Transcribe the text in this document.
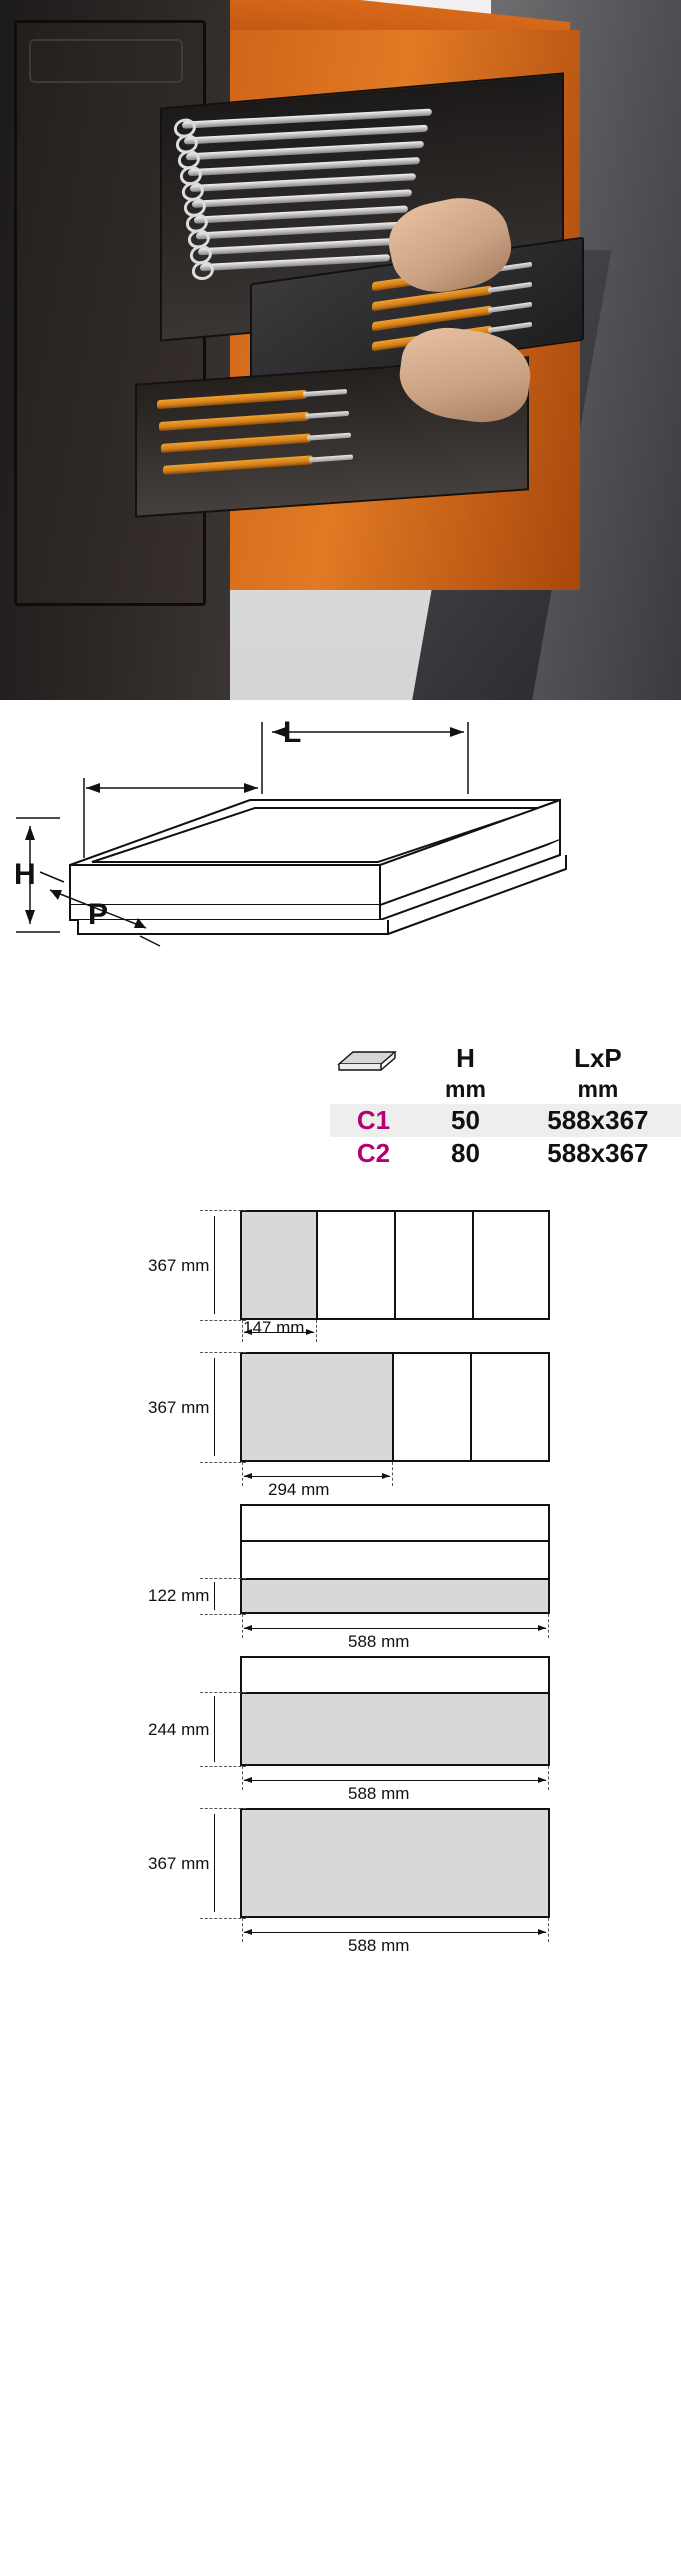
L
H
P
	H	LxP
	mm	mm
C1	50	588x367
C2	80	588x367
367 mm
147 mm
367 mm
294 mm
122 mm
588 mm
244 mm
588 mm
367 mm
588 mm
